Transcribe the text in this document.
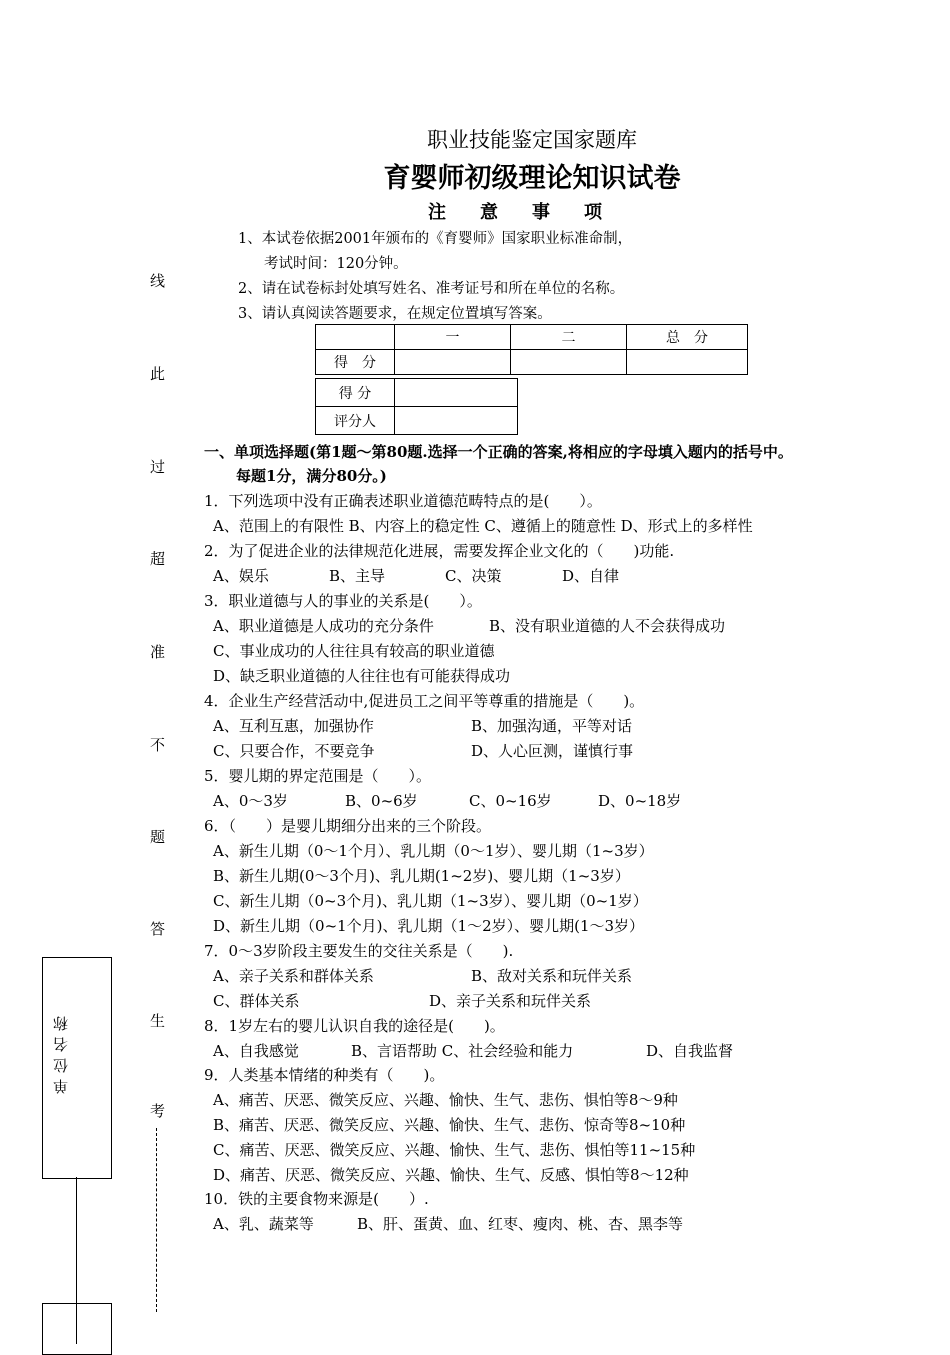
职业技能鉴定国家题库
育婴师初级理论知识试卷
注意事项
1、本试卷依据2001年颁布的《育婴师》国家职业标准命制，
考试时间：120分钟。
2、请在试卷标封处填写姓名、准考证号和所在单位的名称。
3、请认真阅读答题要求，在规定位置填写答案。
	一	二	总　分
得　分			
得 分	
评分人	
线
此
过
超
准
不
题
答
生
考
单位名称
一、单项选择题(第1题～第80题.选择一个正确的答案,将相应的字母填入题内的括号中。
每题1分，满分80分。)
1．下列选项中没有正确表述职业道德范畴特点的是(　　）。
A、范围上的有限性 B、内容上的稳定性 C、遵循上的随意性 D、形式上的多样性
2．为了促进企业的法律规范化进展，需要发挥企业文化的（　　)功能.
A、娱乐	B、主导	C、决策	D、自律
3．职业道德与人的事业的关系是(　　）。
A、职业道德是人成功的充分条件	B、没有职业道德的人不会获得成功
C、事业成功的人往往具有较高的职业道德
D、缺乏职业道德的人往往也有可能获得成功
4．企业生产经营活动中,促进员工之间平等尊重的措施是（　　)。
A、互利互惠，加强协作	B、加强沟通，平等对话
C、只要合作，不要竞争	D、人心叵测，谨慎行事
5．婴儿期的界定范围是（　　）。
A、0～3岁	B、0~6岁	C、0~16岁	D、0~18岁
6．（　　）是婴儿期细分出来的三个阶段。
A、新生儿期（0～1个月）、乳儿期（0～1岁）、婴儿期（1~3岁）
B、新生儿期(0～3个月)、乳儿期(1~2岁)、婴儿期（1~3岁）
C、新生儿期（0~3个月)、乳儿期（1~3岁）、婴儿期（0~1岁）
D、新生儿期（0~1个月)、乳儿期（1～2岁）、婴儿期(1～3岁）
7．0～3岁阶段主要发生的交往关系是（　　).
A、亲子关系和群体关系	B、敌对关系和玩伴关系
C、群体关系	D、亲子关系和玩伴关系
8．1岁左右的婴儿认识自我的途径是(　　)。
A、自我感觉	B、言语帮助 C、社会经验和能力	D、自我监督
9．人类基本情绪的种类有（　　)。
A、痛苦、厌恶、微笑反应、兴趣、愉快、生气、悲伤、惧怕等8～9种
B、痛苦、厌恶、微笑反应、兴趣、愉快、生气、悲伤、惊奇等8~10种
C、痛苦、厌恶、微笑反应、兴趣、愉快、生气、悲伤、惧怕等11~15种
D、痛苦、厌恶、微笑反应、兴趣、愉快、生气、反感、惧怕等8～12种
10．铁的主要食物来源是(　　）.
A、乳、蔬菜等	B、肝、蛋黄、血、红枣、瘦肉、桃、杏、黑李等
